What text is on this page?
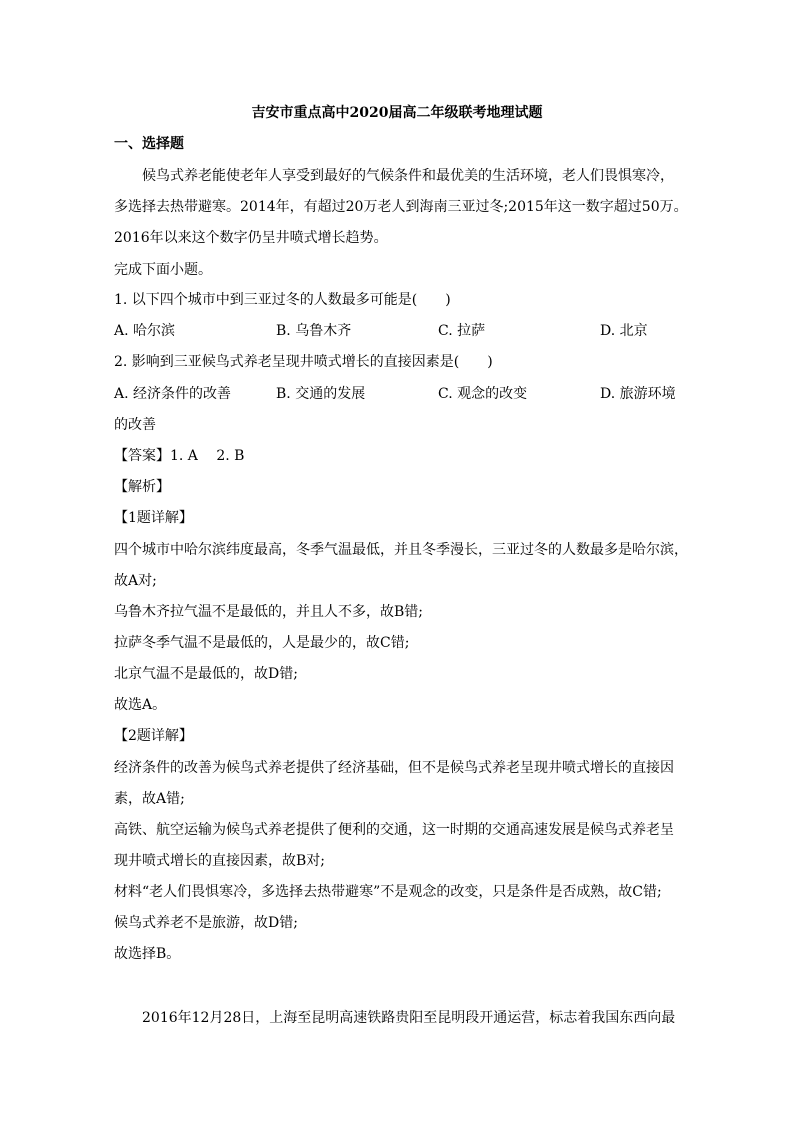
吉安市重点高中2020届高二年级联考地理试题
一、选择题
候鸟式养老能使老年人享受到最好的气候条件和最优美的生活环境，老人们畏惧寒冷，
多选择去热带避寒。2014年，有超过20万老人到海南三亚过冬;2015年这一数字超过50万。
2016年以来这个数字仍呈井喷式增长趋势。
完成下面小题。
1. 以下四个城市中到三亚过冬的人数最多可能是(　　)
A. 哈尔滨	B. 乌鲁木齐	C. 拉萨	D. 北京
2. 影响到三亚候鸟式养老呈现井喷式增长的直接因素是(　　)
A. 经济条件的改善	B. 交通的发展	C. 观念的改变	D. 旅游环境
的改善
【答案】1. A　 2. B
【解析】
【1题详解】
四个城市中哈尔滨纬度最高，冬季气温最低，并且冬季漫长，三亚过冬的人数最多是哈尔滨，
故A对;
乌鲁木齐拉气温不是最低的，并且人不多，故B错;
拉萨冬季气温不是最低的，人是最少的，故C错;
北京气温不是最低的，故D错;
故选A。
【2题详解】
经济条件的改善为候鸟式养老提供了经济基础，但不是候鸟式养老呈现井喷式增长的直接因
素，故A错;
高铁、航空运输为候鸟式养老提供了便利的交通，这一时期的交通高速发展是候鸟式养老呈
现井喷式增长的直接因素，故B对;
材料“老人们畏惧寒冷，多选择去热带避寒”不是观念的改变，只是条件是否成熟，故C错;
候鸟式养老不是旅游，故D错;
故选择B。
2016年12月28日，上海至昆明高速铁路贵阳至昆明段开通运营，标志着我国东西向最
